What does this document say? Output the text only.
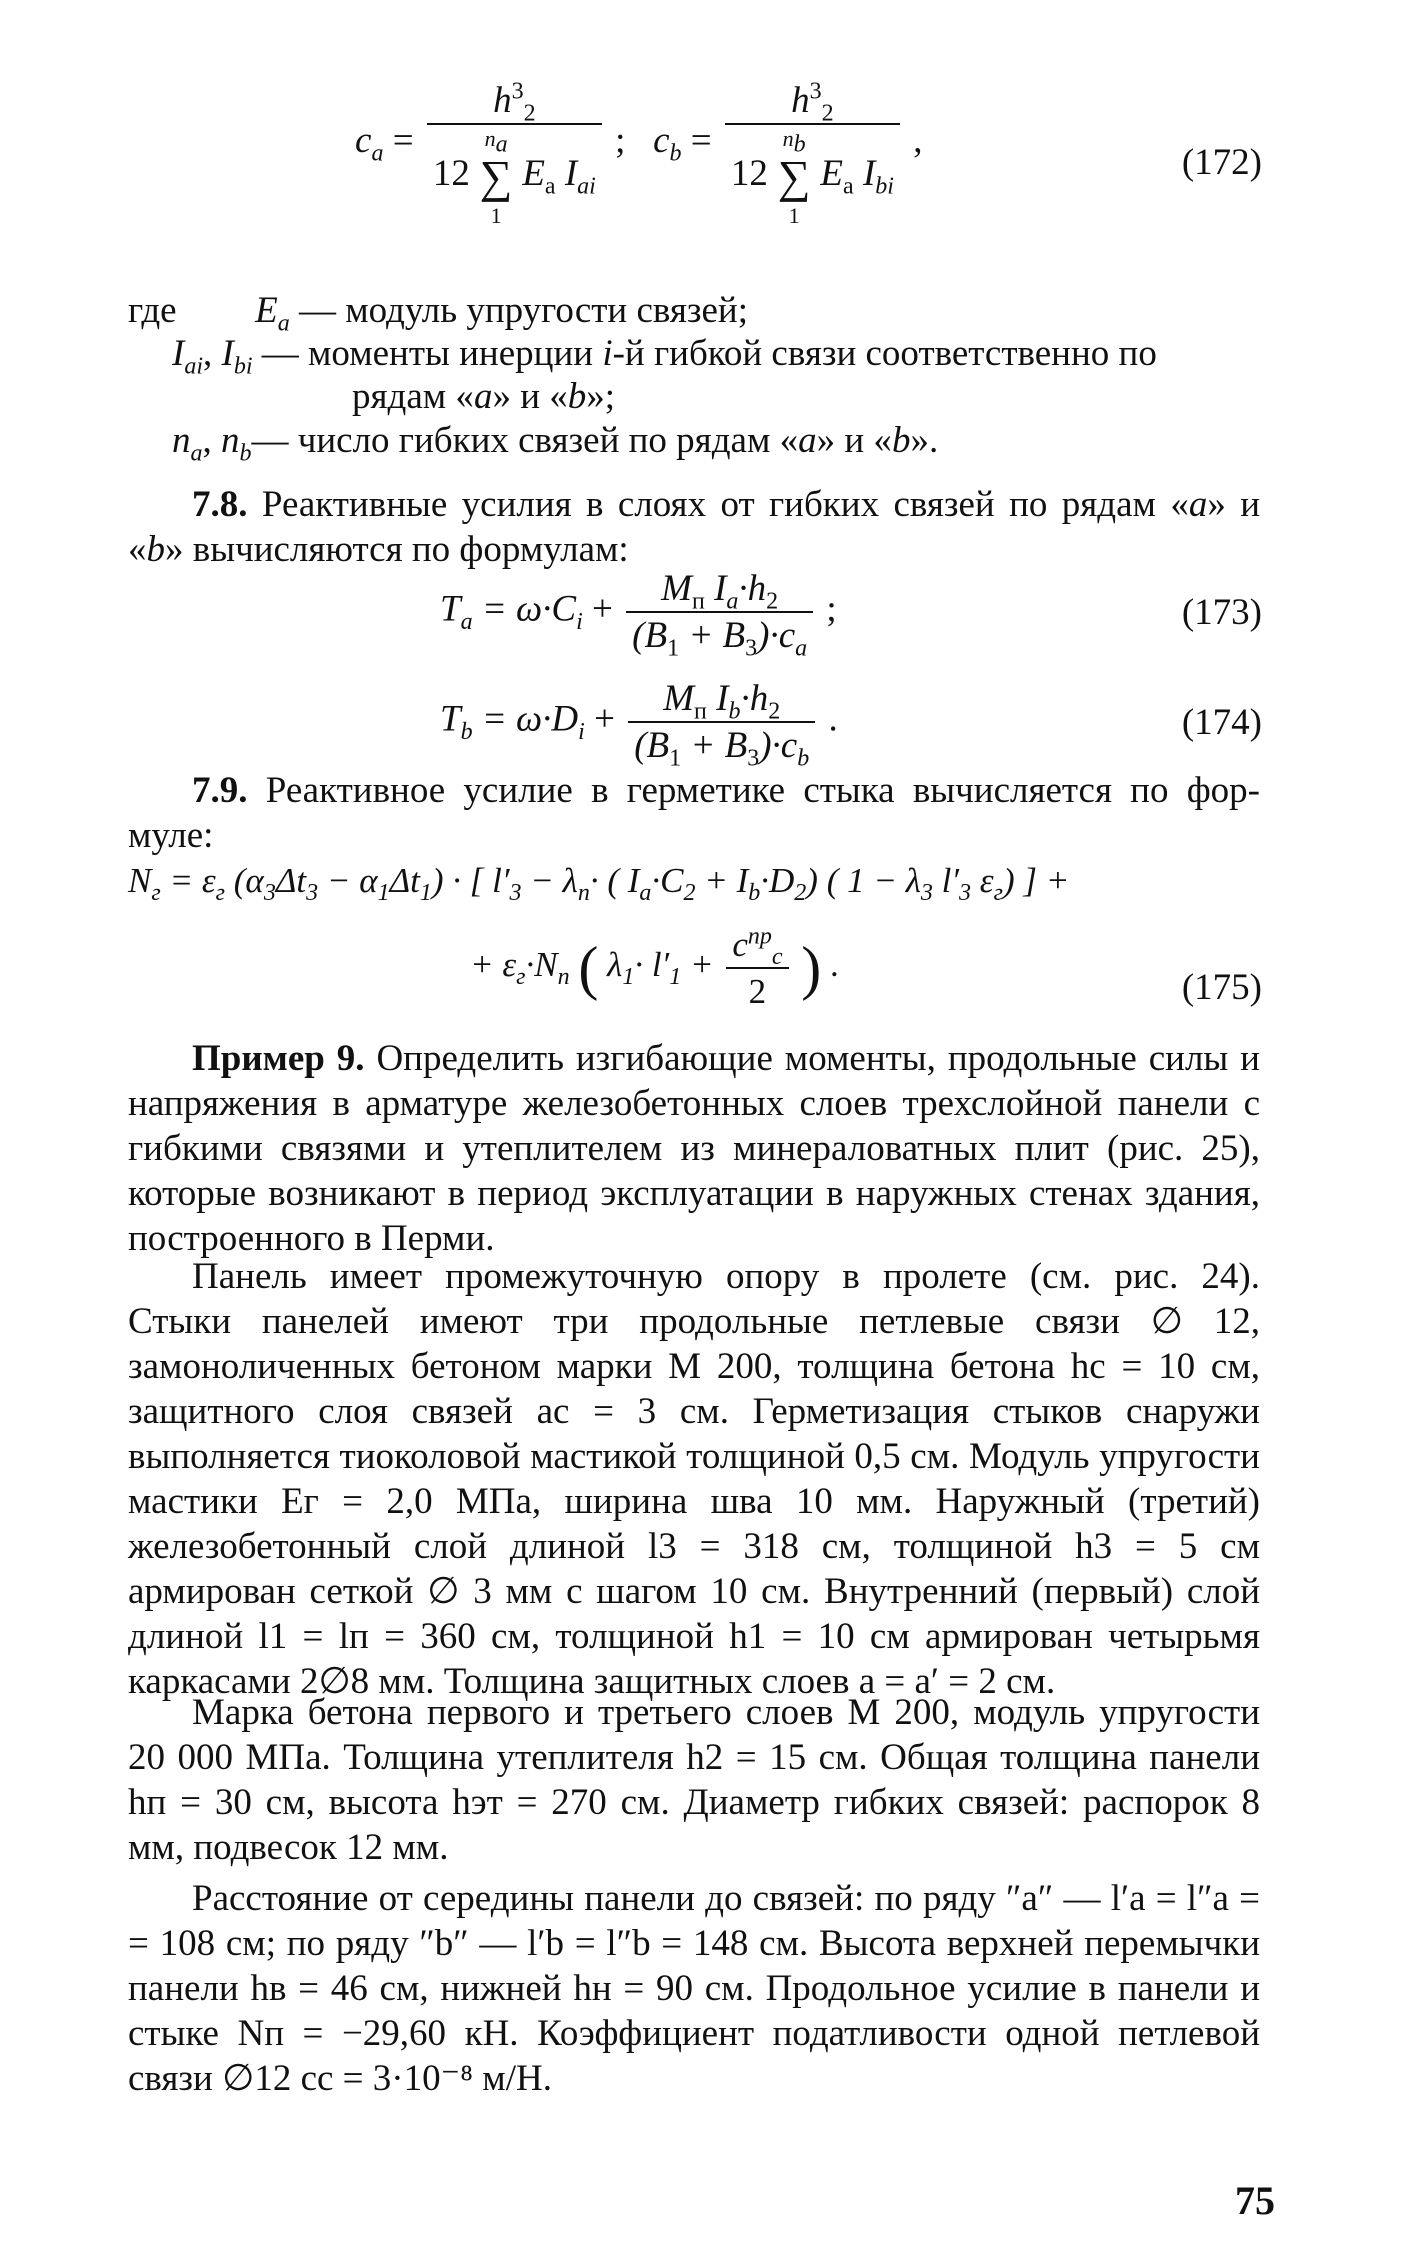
$c_a = h^3_2$
12 ∑
$n_a$
1
$E_a$ $I_{ai}$ ; $c_b = h^3_2$
12 ∑
$n_b$
1
$E_a$ $I_{bi}$ ,
(172)
где $E_a$ — модуль упругости связей;
$I_{ai}$, $I_{bi}$ — моменты инерции i-й гибкой связи соответственно по
рядам «a» и «b»;
$n_a$, $n_b—$ число гибких связей по рядам «a» и «b».
7.8. Реактивные усилия в слоях от гибких связей по рядам «a» и «b» вычисляются по формулам:
$T_a = \omega\cdot C_i + \frac{M_п I_a\cdot h_2}{(B_1 + B_3)\cdot c_a}$ ;	(173)
$T_b = \omega\cdot D_i + \frac{M_п I_b\cdot h_2}{(B_1 + B_3)\cdot c_b}$ .	(174)
7.9. Реактивное усилие в герметике стыка вычисляется по фор- муле:
$N_г = \varepsilon_г$ $(\alpha_3\Delta t_3 - \alpha_1\Delta t_1)$ · [ $l'_3 - \lambda_п\cdot$ ( $I_a\cdot C_2 + I_b\cdot D_2$) ( $1 - \lambda_3$ $l'_3$ $\varepsilon_г$) ] +
+ $\varepsilon_г\cdot N_п$ ( $\lambda_1\cdot l'_1 + \frac{c^{пр}_c}{2}$ ) .
(175)
Пример 9. Определить изгибающие моменты, продольные силы и напряжения в арматуре железобетонных слоев трехслойной панели с гибкими связями и утеплителем из минераловатных плит (рис. 25), которые возникают в период эксплуатации в наружных стенах здания, построенного в Перми.
Панель имеет промежуточную опору в пролете (см. рис. 24). Стыки панелей имеют три продольные петлевые связи ∅ 12, замоноличенных бетоном марки М 200, толщина бетона hс = 10 см, защитного слоя связей aс = 3 см. Герметизация стыков снаружи выполняется тиоколовой мастикой толщиной 0,5 см. Модуль упругости мастики Eг = 2,0 МПа, ширина шва 10 мм. Наружный (третий) железобетонный слой длиной l3 = 318 см, толщиной h3 = 5 см армирован сеткой ∅ 3 мм с шагом 10 см. Внутренний (первый) слой длиной l1 = lп = 360 см, толщиной h1 = 10 см армирован четырьмя каркасами 2∅8 мм. Толщина защитных слоев a = a′ = 2 см.
Марка бетона первого и третьего слоев М 200, модуль упругости 20 000 МПа. Толщина утеплителя h2 = 15 см. Общая толщина панели hп = 30 см, высота hэт = 270 см. Диаметр гибких связей: распорок 8 мм, подвесок 12 мм.
Расстояние от середины панели до связей: по ряду ″a″ — l′a = l″a = = 108 см; по ряду ″b″ — l′b = l″b = 148 см. Высота верхней перемычки панели hв = 46 см, нижней hн = 90 см. Продольное усилие в панели и стыке Nп = −29,60 кН. Коэффициент податливости одной петлевой связи ∅12 cс = 3·10⁻⁸ м/Н.
75
